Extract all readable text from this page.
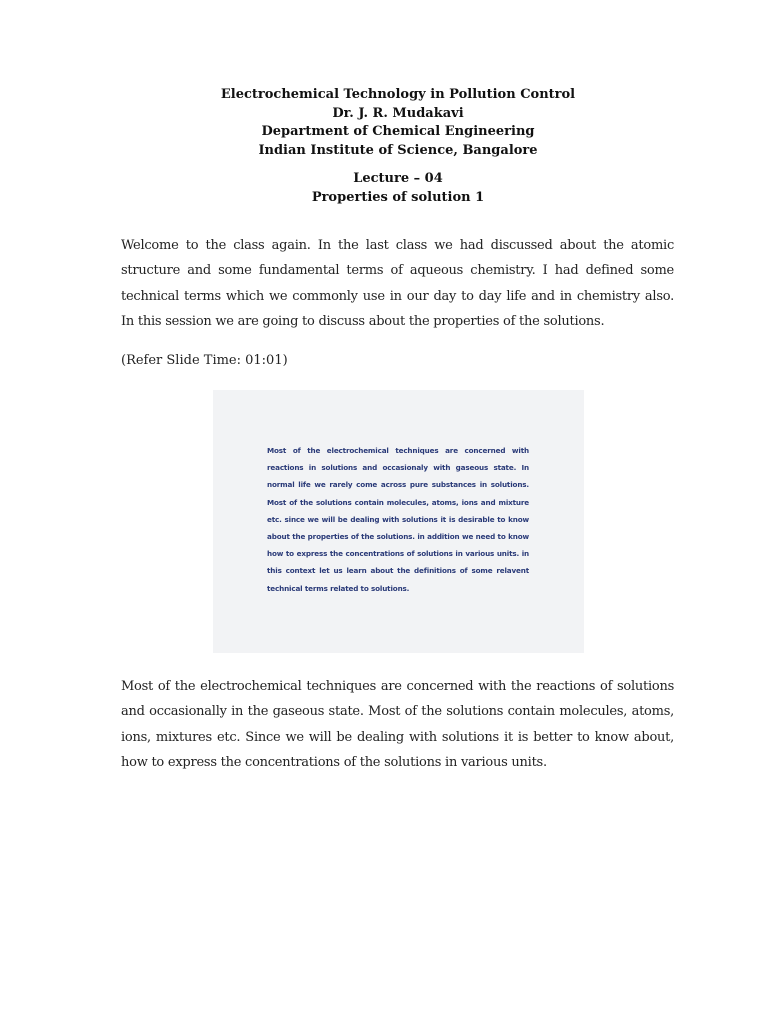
Electrochemical Technology in Pollution Control
Dr. J. R. Mudakavi
Department of Chemical Engineering
Indian Institute of Science, Bangalore
Lecture – 04
Properties of solution 1
Welcome to the class again. In the last class we had discussed about the atomic structure and some fundamental terms of aqueous chemistry. I had defined some technical terms which we commonly use in our day to day life and in chemistry also. In this session we are going to discuss about the properties of the solutions.
(Refer Slide Time: 01:01)
Most of the electrochemical techniques are concerned with reactions in solutions and occasionaly with gaseous state. In normal life we rarely come across pure substances in solutions. Most of the solutions contain molecules, atoms, ions and mixture etc. since we will be dealing with solutions it is desirable to know about the properties of the solutions. in addition we need to know how to express the concentrations of solutions in various units. in this context let us learn about the definitions of some relavent technical terms related to solutions.
Most of the electrochemical techniques are concerned with the reactions of solutions and occasionally in the gaseous state. Most of the solutions contain molecules, atoms, ions, mixtures etc. Since we will be dealing with solutions it is better to know about, how to express the concentrations of the solutions in various units.
